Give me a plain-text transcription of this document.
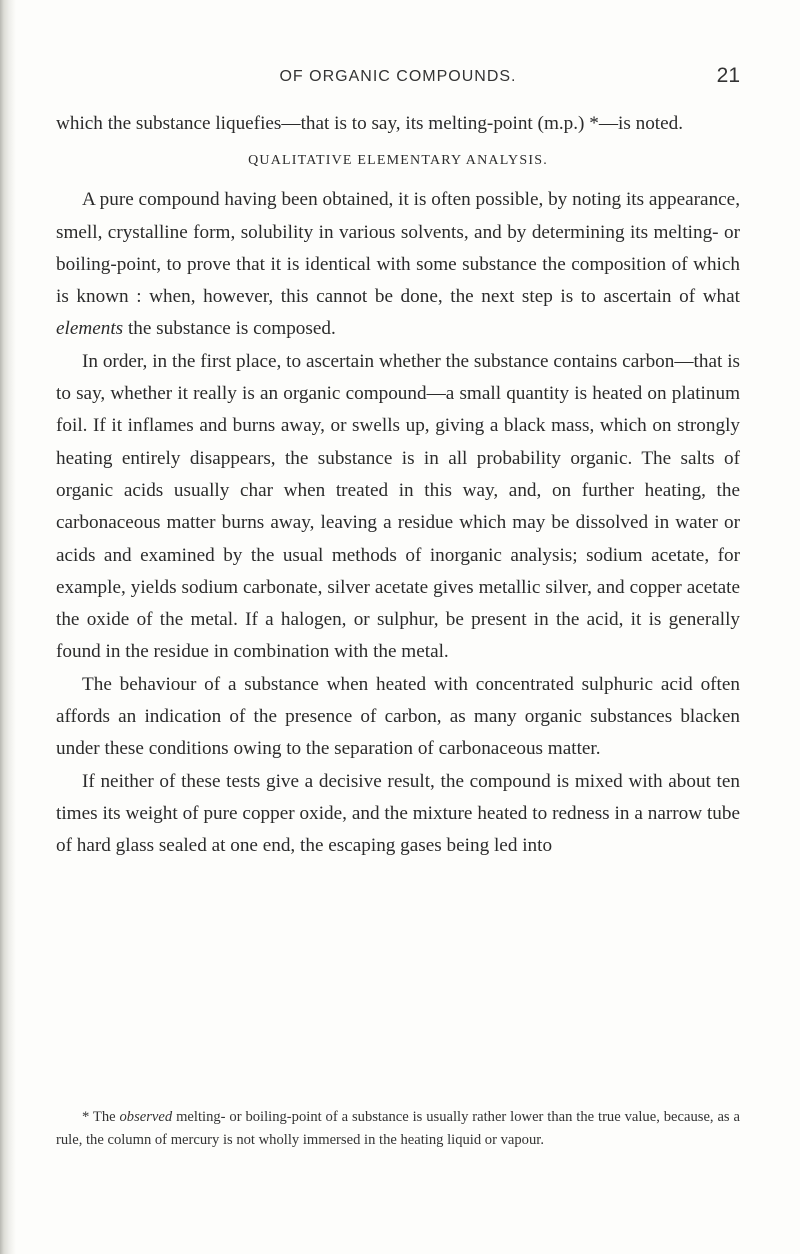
OF ORGANIC COMPOUNDS.	21

which the substance liquefies—that is to say, its melting-point (m.p.) *—is noted.

QUALITATIVE ELEMENTARY ANALYSIS.

A pure compound having been obtained, it is often possible, by noting its appearance, smell, crystalline form, solubility in various solvents, and by determining its melting- or boiling-point, to prove that it is identical with some substance the composition of which is known : when, however, this cannot be done, the next step is to ascertain of what elements the substance is composed.

In order, in the first place, to ascertain whether the substance contains carbon—that is to say, whether it really is an organic compound—a small quantity is heated on platinum foil. If it inflames and burns away, or swells up, giving a black mass, which on strongly heating entirely disappears, the substance is in all probability organic. The salts of organic acids usually char when treated in this way, and, on further heating, the carbonaceous matter burns away, leaving a residue which may be dissolved in water or acids and examined by the usual methods of inorganic analysis; sodium acetate, for example, yields sodium carbonate, silver acetate gives metallic silver, and copper acetate the oxide of the metal. If a halogen, or sulphur, be present in the acid, it is generally found in the residue in combination with the metal.

The behaviour of a substance when heated with concentrated sulphuric acid often affords an indication of the presence of carbon, as many organic substances blacken under these conditions owing to the separation of carbonaceous matter.

If neither of these tests give a decisive result, the compound is mixed with about ten times its weight of pure copper oxide, and the mixture heated to redness in a narrow tube of hard glass sealed at one end, the escaping gases being led into

* The observed melting- or boiling-point of a substance is usually rather lower than the true value, because, as a rule, the column of mercury is not wholly immersed in the heating liquid or vapour.
